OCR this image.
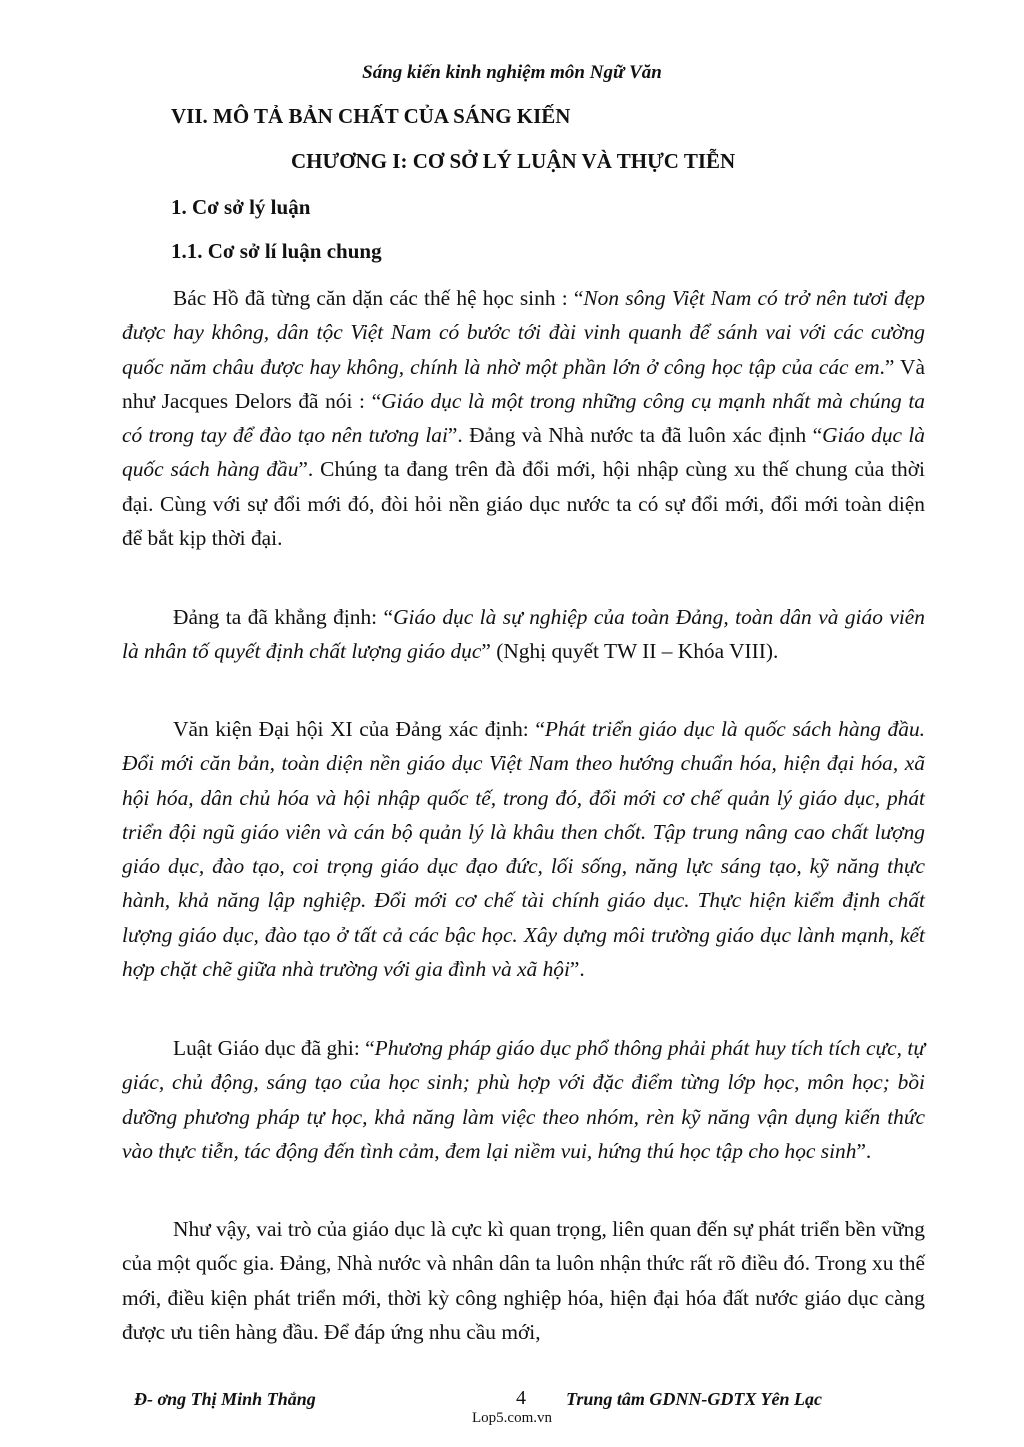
Sáng kiến kinh nghiệm môn Ngữ Văn
VII. MÔ TẢ BẢN CHẤT CỦA SÁNG KIẾN
CHƯƠNG I: CƠ SỞ LÝ LUẬN VÀ THỰC TIỄN
1. Cơ sở lý luận
1.1. Cơ sở lí luận chung
Bác Hồ đã từng căn dặn các thế hệ học sinh : “Non sông Việt Nam có trở nên tươi đẹp được hay không, dân tộc Việt Nam có bước tới đài vinh quanh để sánh vai với các cường quốc năm châu được hay không, chính là nhờ một phần lớn ở công học tập của các em.” Và như Jacques Delors đã nói : “Giáo dục là một trong những công cụ mạnh nhất mà chúng ta có trong tay để đào tạo nên tương lai”. Đảng và Nhà nước ta đã luôn xác định “Giáo dục là quốc sách hàng đầu”. Chúng ta đang trên đà đổi mới, hội nhập cùng xu thế chung của thời đại. Cùng với sự đổi mới đó, đòi hỏi nền giáo dục nước ta có sự đổi mới, đổi mới toàn diện để bắt kịp thời đại.
Đảng ta đã khẳng định: “Giáo dục là sự nghiệp của toàn Đảng, toàn dân và giáo viên là nhân tố quyết định chất lượng giáo dục” (Nghị quyết TW II – Khóa VIII).
Văn kiện Đại hội XI của Đảng xác định: “Phát triển giáo dục là quốc sách hàng đầu. Đổi mới căn bản, toàn diện nền giáo dục Việt Nam theo hướng chuẩn hóa, hiện đại hóa, xã hội hóa, dân chủ hóa và hội nhập quốc tế, trong đó, đổi mới cơ chế quản lý giáo dục, phát triển đội ngũ giáo viên và cán bộ quản lý là khâu then chốt. Tập trung nâng cao chất lượng giáo dục, đào tạo, coi trọng giáo dục đạo đức, lối sống, năng lực sáng tạo, kỹ năng thực hành, khả năng lập nghiệp. Đổi mới cơ chế tài chính giáo dục. Thực hiện kiểm định chất lượng giáo dục, đào tạo ở tất cả các bậc học. Xây dựng môi trường giáo dục lành mạnh, kết hợp chặt chẽ giữa nhà trường với gia đình và xã hội”.
Luật Giáo dục đã ghi: “Phương pháp giáo dục phổ thông phải phát huy tích tích cực, tự giác, chủ động, sáng tạo của học sinh; phù hợp với đặc điểm từng lớp học, môn học; bồi dưỡng phương pháp tự học, khả năng làm việc theo nhóm, rèn kỹ năng vận dụng kiến thức vào thực tiễn, tác động đến tình cảm, đem lại niềm vui, hứng thú học tập cho học sinh”.
Như vậy, vai trò của giáo dục là cực kì quan trọng, liên quan đến sự phát triển bền vững của một quốc gia. Đảng, Nhà nước và nhân dân ta luôn nhận thức rất rõ điều đó. Trong xu thế mới, điều kiện phát triển mới, thời kỳ công nghiệp hóa, hiện đại hóa đất nước giáo dục càng được ưu tiên hàng đầu. Để đáp ứng nhu cầu mới,
Đ- ơng Thị Minh Thắng	4 Trung tâm GDNN-GDTX Yên Lạc
Lop5.com.vn
